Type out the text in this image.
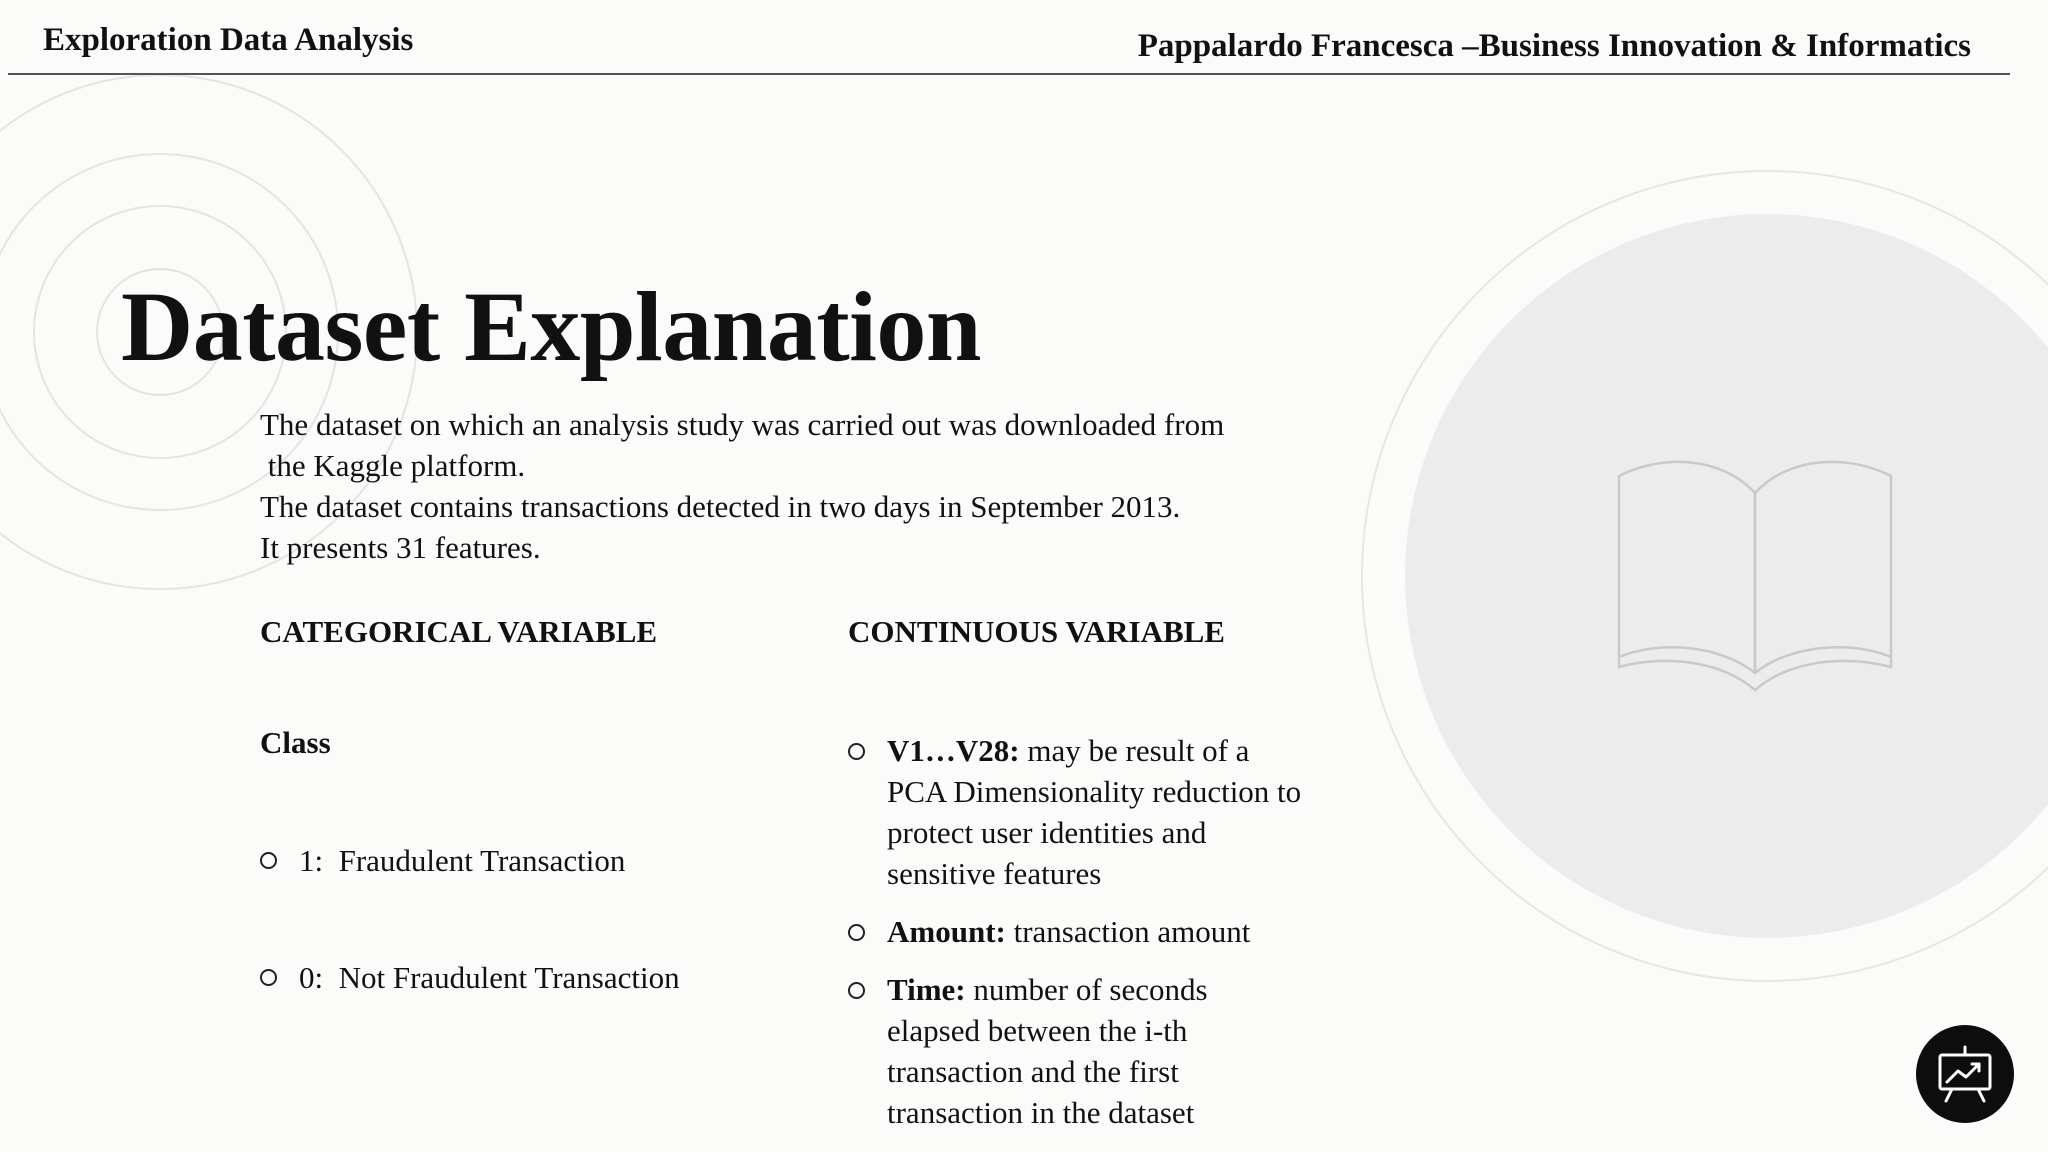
Exploration Data Analysis	Pappalardo Francesca –Business Innovation & Informatics
Dataset Explanation

The dataset on which an analysis study was carried out was downloaded from

the Kaggle platform.

The dataset contains transactions detected in two days in September 2013.

It presents 31 features.

CATEGORICAL VARIABLE	CONTINUOUS VARIABLE
Class
1:  Fraudulent Transaction
0:  Not Fraudulent Transaction
V1…V28: may be result of a PCA Dimensionality reduction to protect user identities and sensitive features
Amount: transaction amount
Time: number of seconds elapsed between the i-th transaction and the first transaction in the dataset
